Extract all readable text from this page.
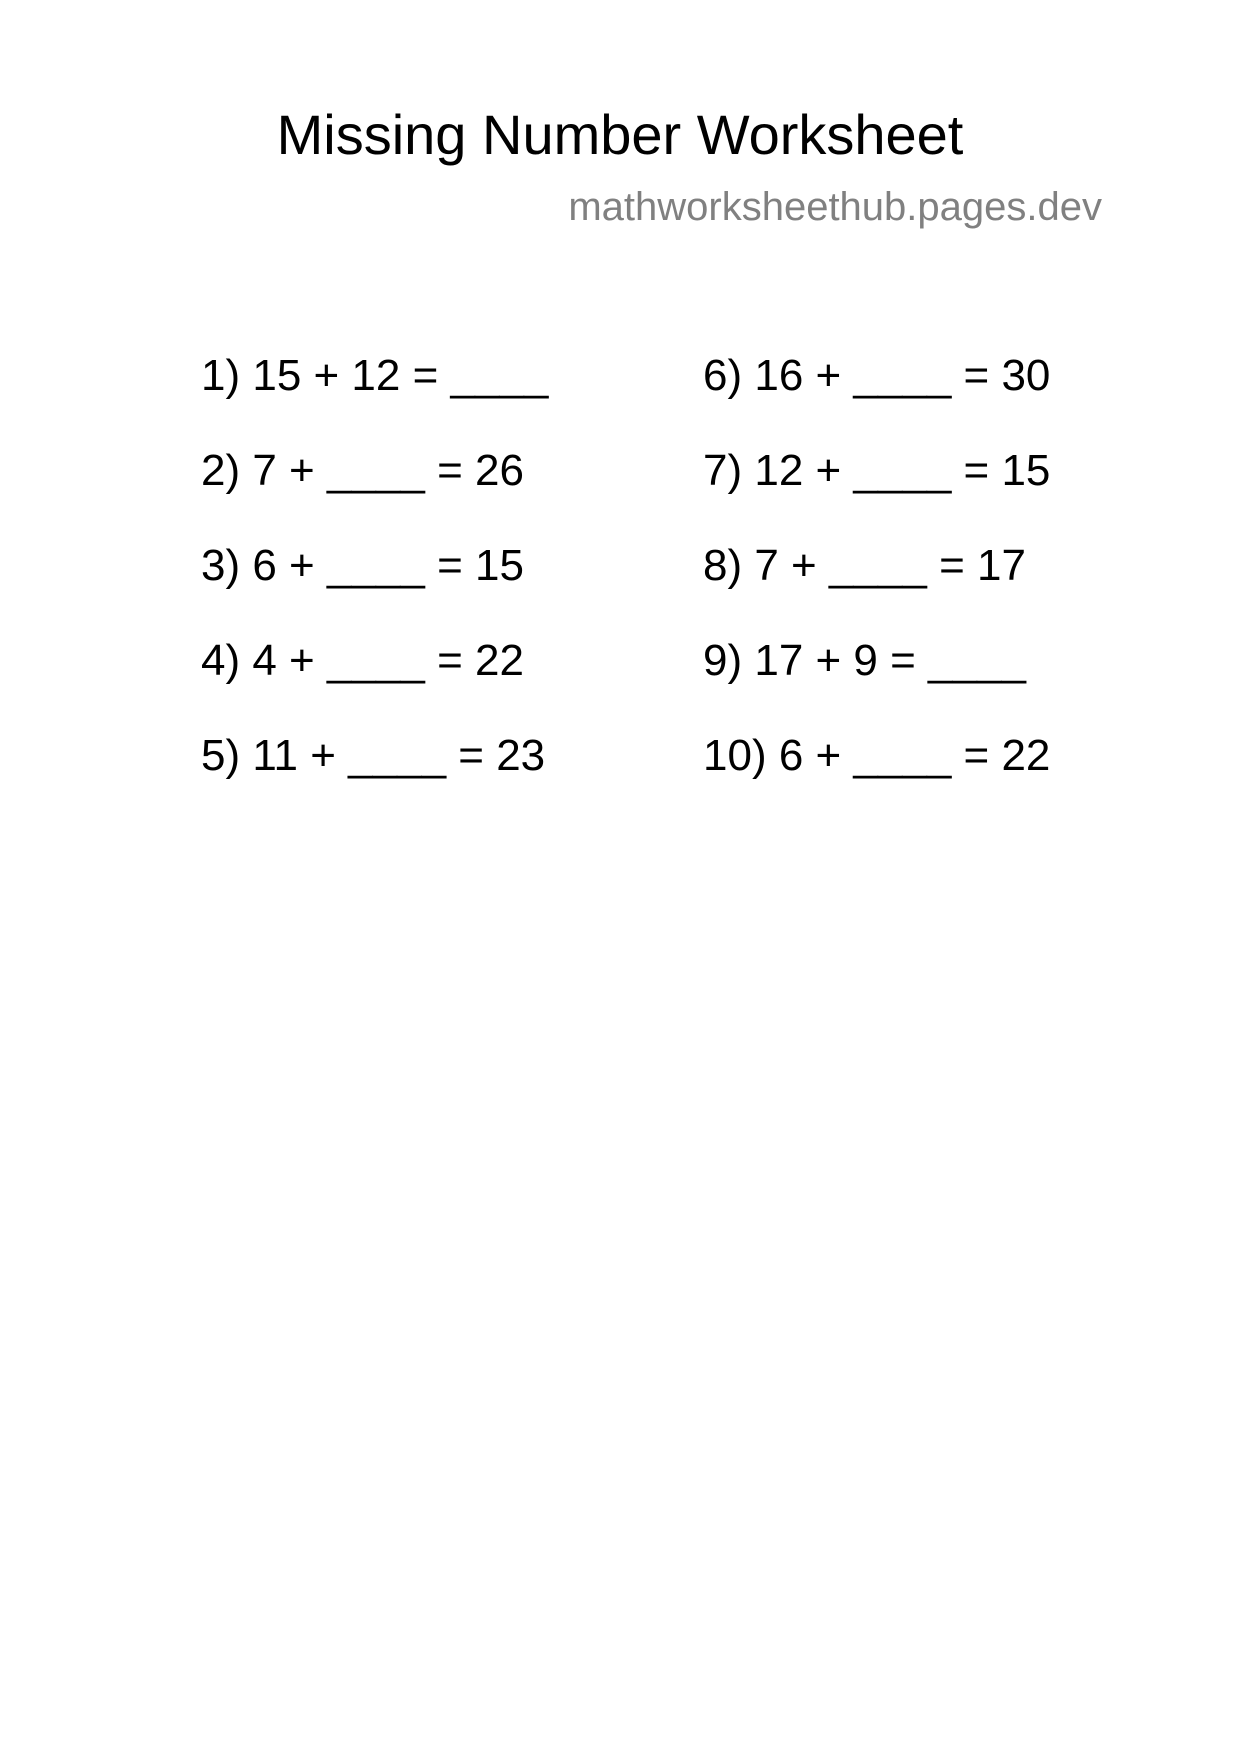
Missing Number Worksheet
mathworksheethub.pages.dev
1) 15 + 12 = ____
2) 7 + ____ = 26
3) 6 + ____ = 15
4) 4 + ____ = 22
5) 11 + ____ = 23
6) 16 + ____ = 30
7) 12 + ____ = 15
8) 7 + ____ = 17
9) 17 + 9 = ____
10) 6 + ____ = 22
